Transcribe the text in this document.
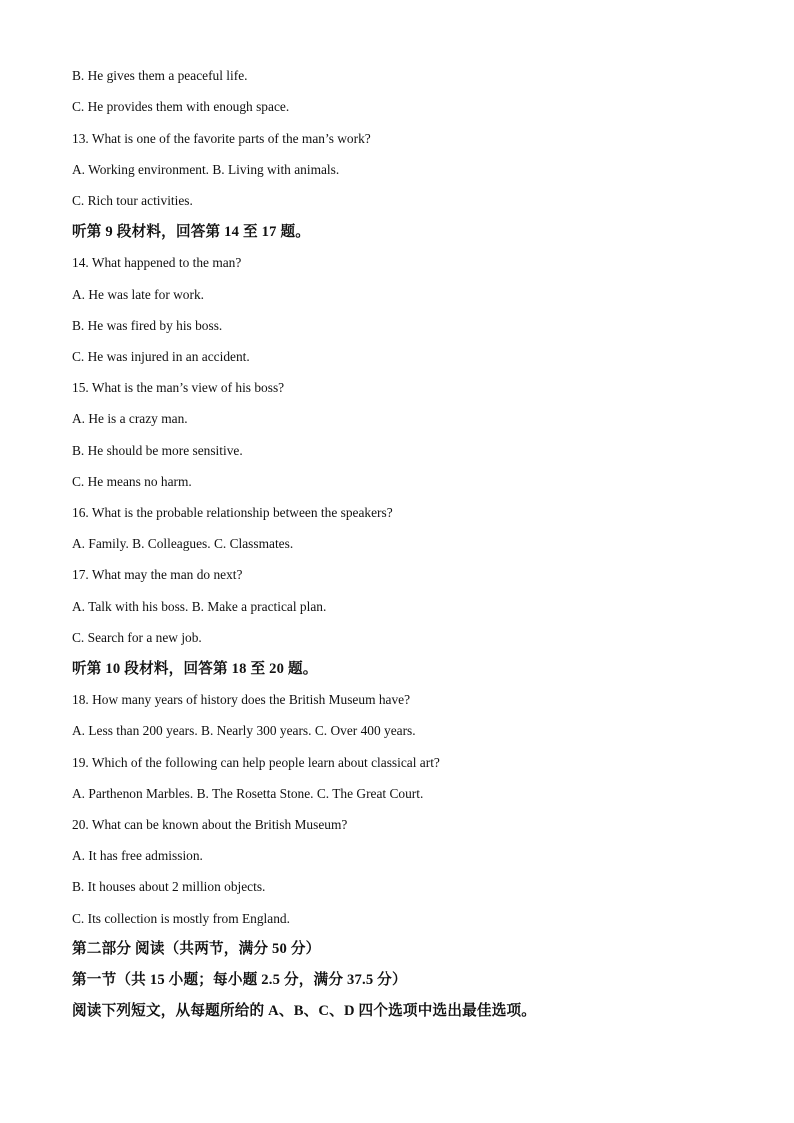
B. He gives them a peaceful life.
C. He provides them with enough space.
13. What is one of the favorite parts of the man’s work?
A. Working environment. B. Living with animals.
C. Rich tour activities.
听第 9 段材料，回答第 14 至 17 题。
14. What happened to the man?
A. He was late for work.
B. He was fired by his boss.
C. He was injured in an accident.
15. What is the man’s view of his boss?
A. He is a crazy man.
B. He should be more sensitive.
C. He means no harm.
16. What is the probable relationship between the speakers?
A. Family. B. Colleagues. C. Classmates.
17. What may the man do next?
A. Talk with his boss. B. Make a practical plan.
C. Search for a new job.
听第 10 段材料，回答第 18 至 20 题。
18. How many years of history does the British Museum have?
A. Less than 200 years. B. Nearly 300 years. C. Over 400 years.
19. Which of the following can help people learn about classical art?
A. Parthenon Marbles. B. The Rosetta Stone. C. The Great Court.
20. What can be known about the British Museum?
A. It has free admission.
B. It houses about 2 million objects.
C. Its collection is mostly from England.
第二部分 阅读（共两节，满分 50 分）
第一节（共 15 小题；每小题 2.5 分，满分 37.5 分）
阅读下列短文，从每题所给的 A、B、C、D 四个选项中选出最佳选项。
